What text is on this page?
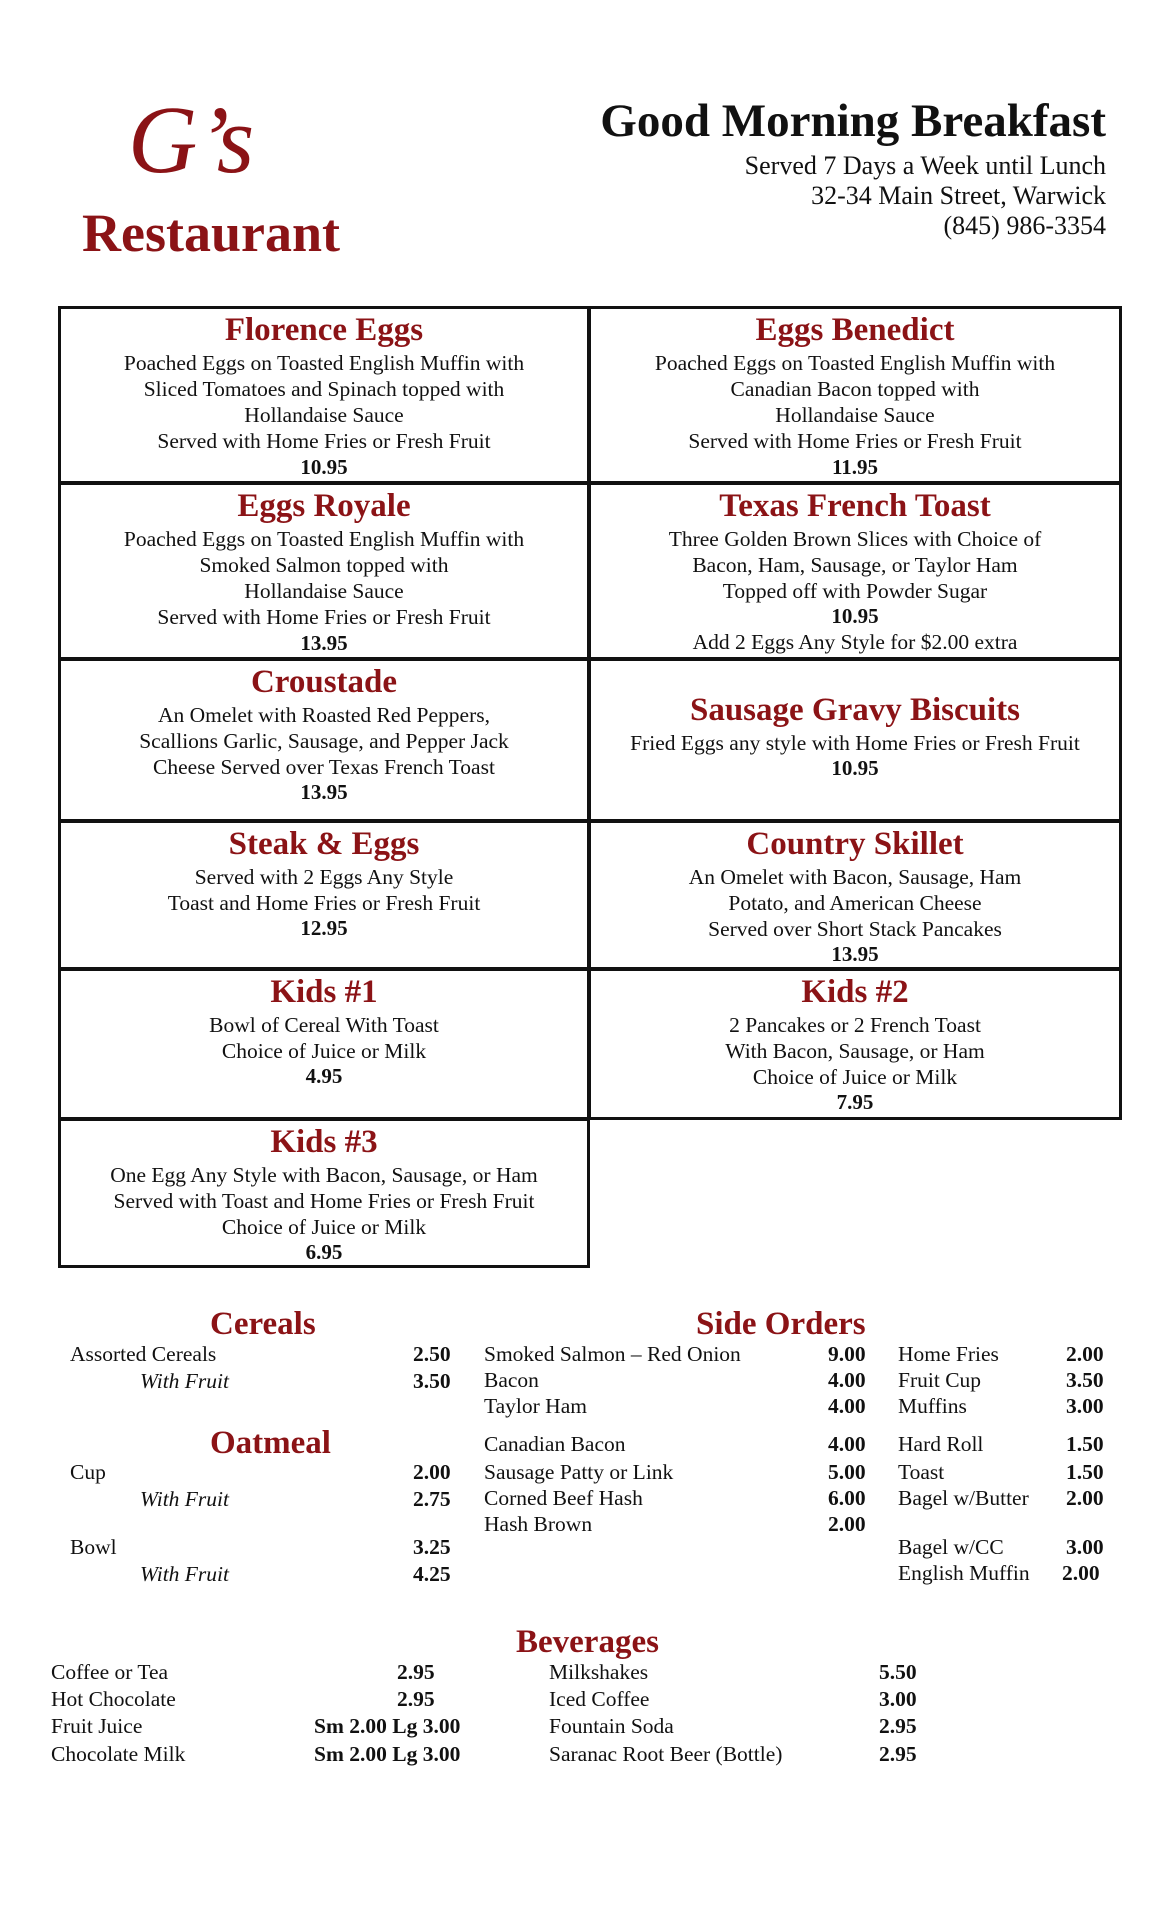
G’s
Restaurant
Good Morning Breakfast
Served 7 Days a Week until Lunch
32-34 Main Street, Warwick
(845) 986-3354
Florence Eggs
Poached Eggs on Toasted English Muffin with
Sliced Tomatoes and Spinach topped with
Hollandaise Sauce
Served with Home Fries or Fresh Fruit
10.95
Eggs Benedict
Poached Eggs on Toasted English Muffin with
Canadian Bacon topped with
Hollandaise Sauce
Served with Home Fries or Fresh Fruit
11.95
Eggs Royale
Poached Eggs on Toasted English Muffin with
Smoked Salmon topped with
Hollandaise Sauce
Served with Home Fries or Fresh Fruit
13.95
Texas French Toast
Three Golden Brown Slices with Choice of
Bacon, Ham, Sausage, or Taylor Ham
Topped off with Powder Sugar
10.95
Add 2 Eggs Any Style for $2.00 extra
Croustade
An Omelet with Roasted Red Peppers,
Scallions Garlic, Sausage, and Pepper Jack
Cheese Served over Texas French Toast
13.95
Sausage Gravy Biscuits
Fried Eggs any style with Home Fries or Fresh Fruit
10.95
Steak & Eggs
Served with 2 Eggs Any Style
Toast and Home Fries or Fresh Fruit
12.95
Country Skillet
An Omelet with Bacon, Sausage, Ham
Potato, and American Cheese
Served over Short Stack Pancakes
13.95
Kids #1
Bowl of Cereal With Toast
Choice of Juice or Milk
4.95
Kids #2
2 Pancakes or 2 French Toast
With Bacon, Sausage, or Ham
Choice of Juice or Milk
7.95
Kids #3
One Egg Any Style with Bacon, Sausage, or Ham
Served with Toast and Home Fries or Fresh Fruit
Choice of Juice or Milk
6.95
Cereals
Assorted Cereals	2.50
With Fruit	3.50
Oatmeal
Cup	2.00
With Fruit	2.75
Bowl	3.25
With Fruit	4.25
Side Orders
Smoked Salmon – Red Onion	9.00
Bacon	4.00
Taylor Ham	4.00
Canadian Bacon	4.00
Sausage Patty or Link	5.00
Corned Beef Hash	6.00
Hash Brown	2.00
Home Fries	2.00
Fruit Cup	3.50
Muffins	3.00
Hard Roll	1.50
Toast	1.50
Bagel w/Butter 2.00
Bagel w/CC	3.00
English Muffin 2.00
Beverages
Coffee or Tea	2.95
Hot Chocolate	2.95
Fruit Juice	Sm 2.00 Lg 3.00
Chocolate Milk	Sm 2.00 Lg 3.00
Milkshakes	5.50
Iced Coffee	3.00
Fountain Soda	2.95
Saranac Root Beer (Bottle)	2.95
